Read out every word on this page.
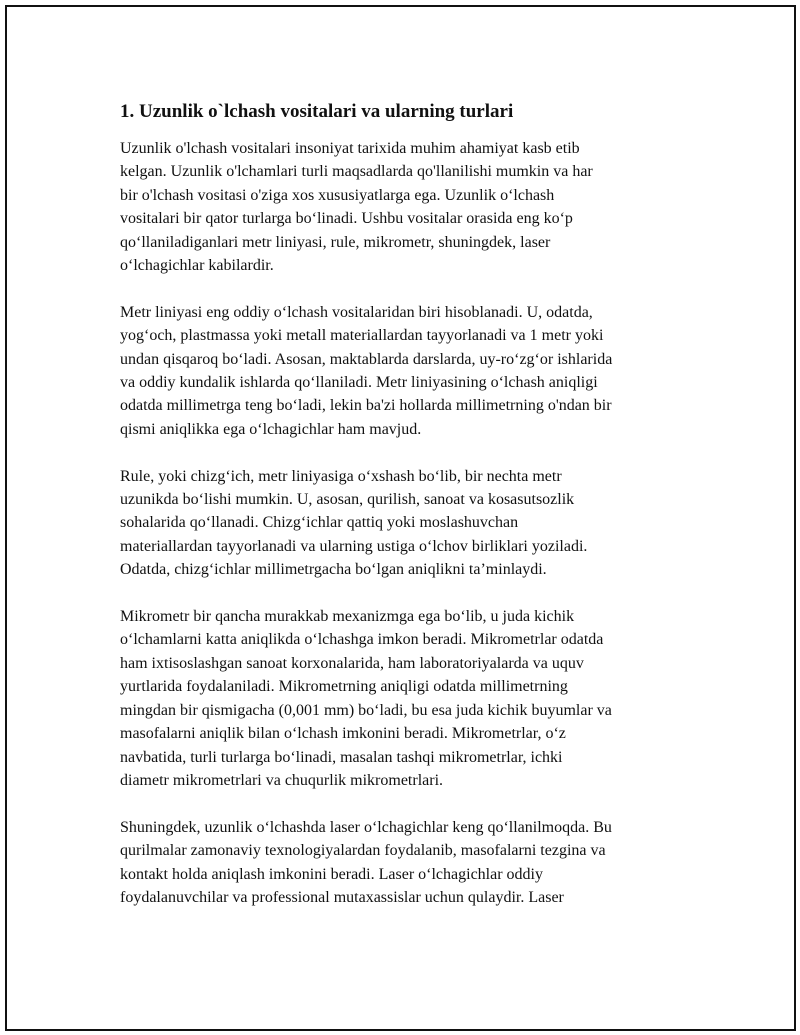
1. Uzunlik o`lchash vositalari va ularning turlari

Uzunlik o'lchash vositalari insoniyat tarixida muhim ahamiyat kasb etib
kelgan. Uzunlik o'lchamlari turli maqsadlarda qo'llanilishi mumkin va har
bir o'lchash vositasi o'ziga xos xususiyatlarga ega. Uzunlik o‘lchash
vositalari bir qator turlarga bo‘linadi. Ushbu vositalar orasida eng ko‘p
qo‘llaniladiganlari metr liniyasi, rule, mikrometr, shuningdek, laser
o‘lchagichlar kabilardir.

Metr liniyasi eng oddiy o‘lchash vositalaridan biri hisoblanadi. U, odatda,
yog‘och, plastmassa yoki metall materiallardan tayyorlanadi va 1 metr yoki
undan qisqaroq bo‘ladi. Asosan, maktablarda darslarda, uy-ro‘zg‘or ishlarida
va oddiy kundalik ishlarda qo‘llaniladi. Metr liniyasining o‘lchash aniqligi
odatda millimetrga teng bo‘ladi, lekin ba'zi hollarda millimetrning o'ndan bir
qismi aniqlikka ega o‘lchagichlar ham mavjud.

Rule, yoki chizg‘ich, metr liniyasiga o‘xshash bo‘lib, bir nechta metr
uzunikda bo‘lishi mumkin. U, asosan, qurilish, sanoat va kosasutsozlik
sohalarida qo‘llanadi. Chizg‘ichlar qattiq yoki moslashuvchan
materiallardan tayyorlanadi va ularning ustiga o‘lchov birliklari yoziladi.
Odatda, chizg‘ichlar millimetrgacha bo‘lgan aniqlikni ta’minlaydi.

Mikrometr bir qancha murakkab mexanizmga ega bo‘lib, u juda kichik
o‘lchamlarni katta aniqlikda o‘lchashga imkon beradi. Mikrometrlar odatda
ham ixtisoslashgan sanoat korxonalarida, ham laboratoriyalarda va uquv
yurtlarida foydalaniladi. Mikrometrning aniqligi odatda millimetrning
mingdan bir qismigacha (0,001 mm) bo‘ladi, bu esa juda kichik buyumlar va
masofalarni aniqlik bilan o‘lchash imkonini beradi. Mikrometrlar, o‘z
navbatida, turli turlarga bo‘linadi, masalan tashqi mikrometrlar, ichki
diametr mikrometrlari va chuqurlik mikrometrlari.

Shuningdek, uzunlik o‘lchashda laser o‘lchagichlar keng qo‘llanilmoqda. Bu
qurilmalar zamonaviy texnologiyalardan foydalanib, masofalarni tezgina va
kontakt holda aniqlash imkonini beradi. Laser o‘lchagichlar oddiy
foydalanuvchilar va professional mutaxassislar uchun qulaydir. Laser
